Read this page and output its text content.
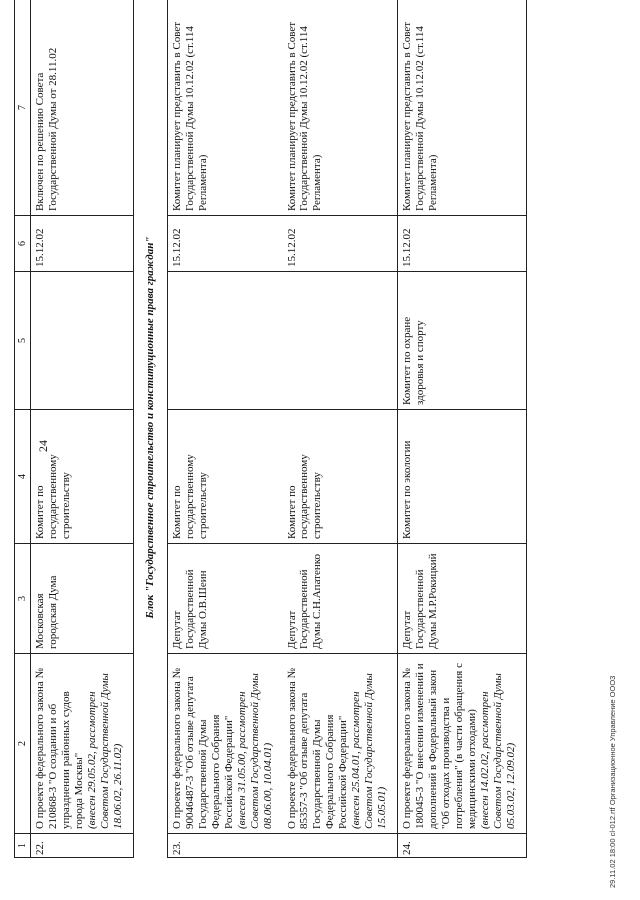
24
1	2	3	4	5	6	7
22.	О проекте федерального закона № 210868-3 "О создании и об упразднении районных судов города Москвы" (внесен 29.05.02, рассмотрен Советом Государственной Думы 18.06.02, 26.11.02)	Московская городская Дума	Комитет по государственному строительству		15.12.02	Включен по решению Совета Государственной Думы от 28.11.02
Блок "Государственное строительство и конституционные права граждан"						
23.	О проекте федерального закона № 90046487-3 "Об отзыве депутата Государственной Думы Федерального Собрания Российской Федерации" (внесен 31.05.00, рассмотрен Советом Государственной Думы 08.06.00, 10.04.01)	Депутат Государственной Думы О.В.Шеин	Комитет по государственному строительству		15.12.02	Комитет планирует представить в Совет Государственной Думы 10.12.02 (ст.114 Регламента)

	О проекте федерального закона № 85357-3 "Об отзыве депутата Государственной Думы Федерального Собрания Российской Федерации" (внесен 25.04.01, рассмотрен Советом Государственной Думы 15.05.01)	Депутат Государственной Думы С.Н.Апатенко	Комитет по государственному строительству		15.12.02	Комитет планирует представить в Совет Государственной Думы 10.12.02 (ст.114 Регламента)
24.	О проекте федерального закона № 180045-3 "О внесении изменений и дополнений в Федеральный закон "Об отходах производства и потребления" (в части обращения с медицинскими отходами) (внесен 14.02.02, рассмотрен Советом Государственной Думы 05.03.02, 12.09.02)	Депутат Государственной Думы М.Р.Рокицкий	Комитет по экологии	Комитет по охране здоровья и спорту	15.12.02	Комитет планирует представить в Совет Государственной Думы 10.12.02 (ст.114 Регламента)
29.11.02 18:00 cl-012.rtf Организационное Управление ООО3
